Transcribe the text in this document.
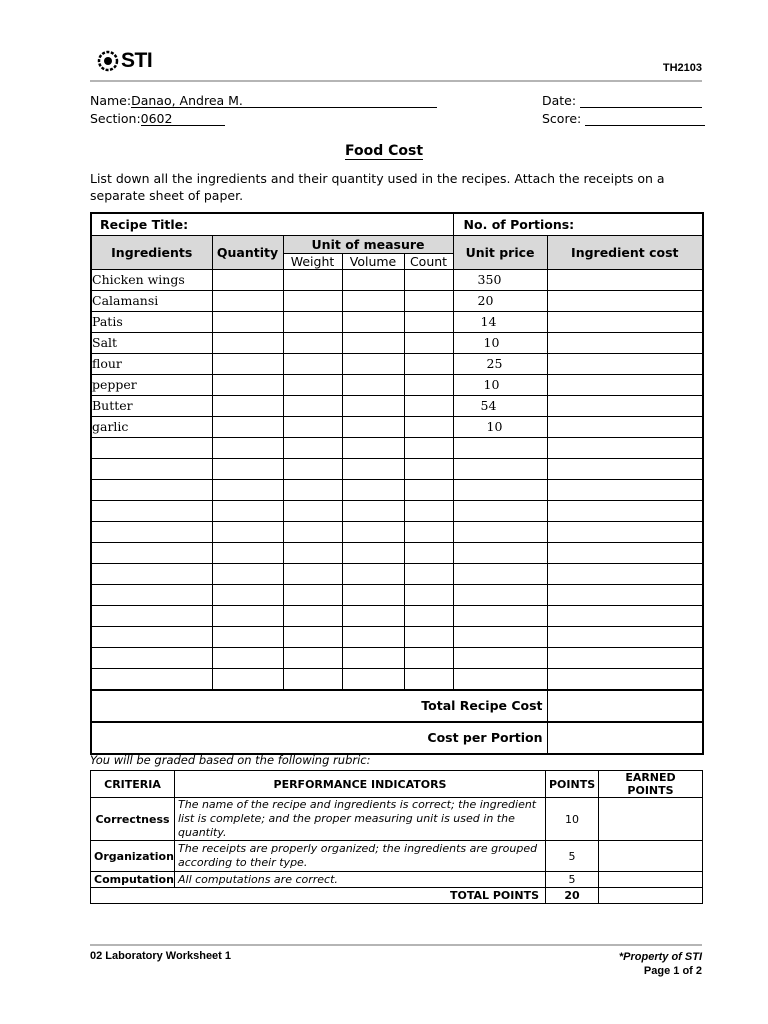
STI	TH2103
Name:Danao, Andrea M.
Section:0602
Date:
Score:
Food Cost
List down all the ingredients and their quantity used in the recipes. Attach the receipts on a separate sheet of paper.
Recipe Title:					No. of Portions:	
Ingredients	Quantity	Unit of measure			Unit price	Ingredient cost
		Weight	Volume	Count		
Chicken wings					350	
Calamansi					20	
Patis					14	
Salt					10	
flour					25	
pepper					10	
Butter					54	
garlic					10	

Total Recipe Cost						
Cost per Portion						
You will be graded based on the following rubric:
CRITERIA	PERFORMANCE INDICATORS	POINTS	EARNED POINTS
Correctness	The name of the recipe and ingredients is correct; the ingredient list is complete; and the proper measuring unit is used in the quantity.	10	
Organization	The receipts are properly organized; the ingredients are grouped according to their type.	5	
Computation	All computations are correct.	5	
TOTAL POINTS		20	
02 Laboratory Worksheet 1	*Property of STI
Page 1 of 2
